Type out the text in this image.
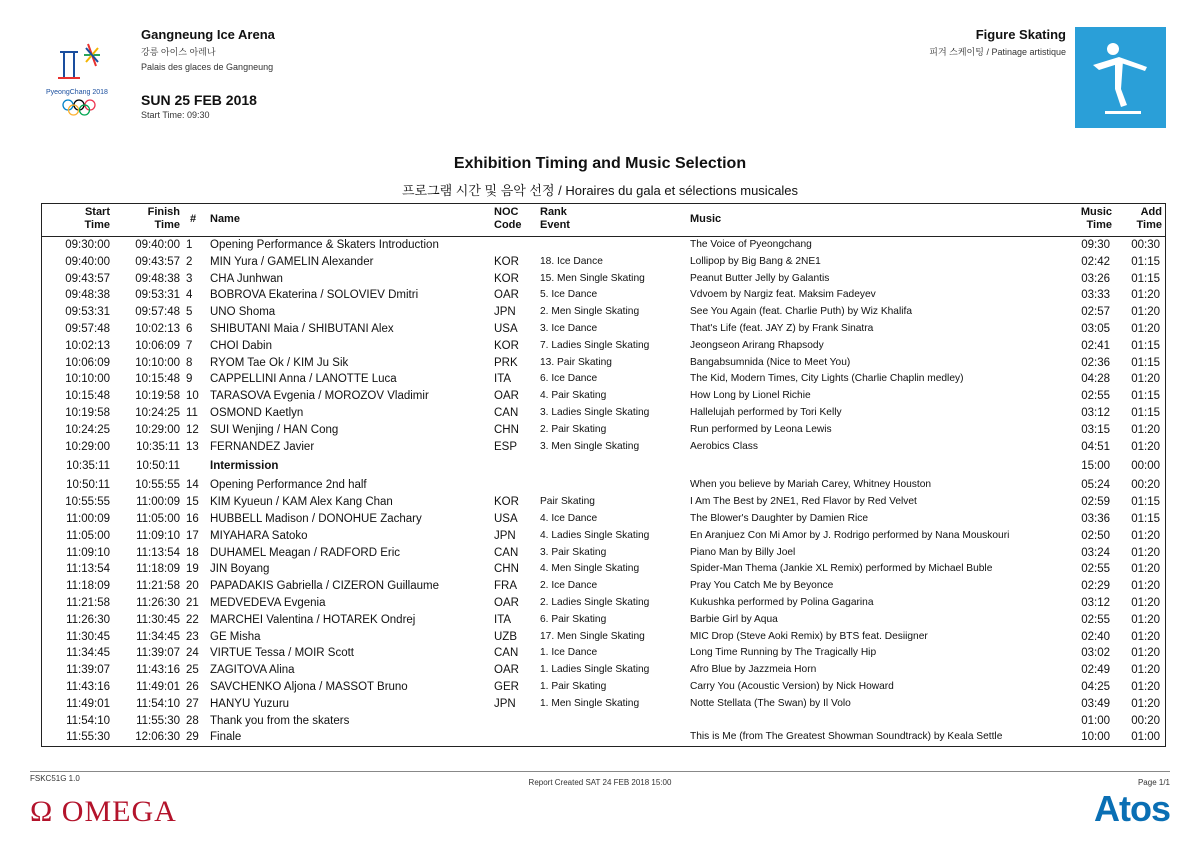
PyeongChang 2018
Gangneung Ice Arena
강릉 아이스 아레나
Palais des glaces de Gangneung
SUN 25 FEB 2018
Start Time: 09:30
Figure Skating
피겨 스케이팅 / Patinage artistique
Exhibition Timing and Music Selection
프로그램 시간 및 음악 선정 / Horaires du gala et sélections musicales
Start
Time
Finish
Time # Name
NOC
Code
Rank
Event	Music
Music
Time
Add
Time
09:30:00	09:40:00 1	Opening Performance & Skaters Introduction	The Voice of Pyeongchang	09:30	00:30
09:40:00	09:43:57 2	MIN Yura / GAMELIN Alexander	KOR 18. Ice Dance	Lollipop by Big Bang & 2NE1	02:42	01:15
09:43:57	09:48:38 3	CHA Junhwan	KOR 15. Men Single Skating	Peanut Butter Jelly by Galantis	03:26	01:15
09:48:38	09:53:31 4	BOBROVA Ekaterina / SOLOVIEV Dmitri	OAR 5. Ice Dance	Vdvoem by Nargiz feat. Maksim Fadeyev	03:33	01:20
09:53:31	09:57:48 5	UNO Shoma	JPN 2. Men Single Skating	See You Again (feat. Charlie Puth) by Wiz Khalifa	02:57	01:20
09:57:48	10:02:13 6	SHIBUTANI Maia / SHIBUTANI Alex	USA 3. Ice Dance	That's Life (feat. JAY Z) by Frank Sinatra	03:05	01:20
10:02:13	10:06:09 7	CHOI Dabin	KOR 7. Ladies Single Skating	Jeongseon Arirang Rhapsody	02:41	01:15
10:06:09	10:10:00 8	RYOM Tae Ok / KIM Ju Sik	PRK 13. Pair Skating	Bangabsumnida (Nice to Meet You)	02:36	01:15
10:10:00	10:15:48 9	CAPPELLINI Anna / LANOTTE Luca	ITA	6. Ice Dance	The Kid, Modern Times, City Lights (Charlie Chaplin medley)	04:28	01:20
10:15:48	10:19:58 10 TARASOVA Evgenia / MOROZOV Vladimir	OAR 4. Pair Skating	How Long by Lionel Richie	02:55	01:15
10:19:58	10:24:25 11	OSMOND Kaetlyn	CAN 3. Ladies Single Skating	Hallelujah performed by Tori Kelly	03:12	01:15
10:24:25	10:29:00 12 SUI Wenjing / HAN Cong	CHN 2. Pair Skating	Run performed by Leona Lewis	03:15	01:20
10:29:00	10:35:11 13 FERNANDEZ Javier	ESP 3. Men Single Skating	Aerobics Class	04:51	01:20
10:35:11	10:50:11	Intermission	15:00	00:00
10:50:11	10:55:55 14 Opening Performance 2nd half	When you believe by Mariah Carey, Whitney Houston	05:24	00:20
10:55:55	11:00:09 15 KIM Kyueun / KAM Alex Kang Chan	KOR Pair Skating	I Am The Best by 2NE1, Red Flavor by Red Velvet	02:59	01:15
11:00:09	11:05:00 16 HUBBELL Madison / DONOHUE Zachary	USA 4. Ice Dance	The Blower's Daughter by Damien Rice	03:36	01:15
11:05:00	11:09:10 17 MIYAHARA Satoko	JPN 4. Ladies Single Skating	En Aranjuez Con Mi Amor by J. Rodrigo performed by Nana Mouskouri	02:50	01:20
11:09:10	11:13:54 18 DUHAMEL Meagan / RADFORD Eric	CAN 3. Pair Skating	Piano Man by Billy Joel	03:24	01:20
11:13:54	11:18:09 19 JIN Boyang	CHN 4. Men Single Skating	Spider-Man Thema (Jankie XL Remix) performed by Michael Buble	02:55	01:20
11:18:09	11:21:58 20 PAPADAKIS Gabriella / CIZERON Guillaume	FRA 2. Ice Dance	Pray You Catch Me by Beyonce	02:29	01:20
11:21:58	11:26:30 21 MEDVEDEVA Evgenia	OAR 2. Ladies Single Skating	Kukushka performed by Polina Gagarina	03:12	01:20
11:26:30	11:30:45 22 MARCHEI Valentina / HOTAREK Ondrej	ITA	6. Pair Skating	Barbie Girl by Aqua	02:55	01:20
11:30:45	11:34:45 23 GE Misha	UZB 17. Men Single Skating	MIC Drop (Steve Aoki Remix) by BTS feat. Desiigner	02:40	01:20
11:34:45	11:39:07 24 VIRTUE Tessa / MOIR Scott	CAN 1. Ice Dance	Long Time Running by The Tragically Hip	03:02	01:20
11:39:07	11:43:16 25 ZAGITOVA Alina	OAR 1. Ladies Single Skating	Afro Blue by Jazzmeia Horn	02:49	01:20
11:43:16	11:49:01 26 SAVCHENKO Aljona / MASSOT Bruno	GER 1. Pair Skating	Carry You (Acoustic Version) by Nick Howard	04:25	01:20
11:49:01	11:54:10 27 HANYU Yuzuru	JPN 1. Men Single Skating	Notte Stellata (The Swan) by Il Volo	03:49	01:20
11:54:10	11:55:30 28 Thank you from the skaters	01:00	00:20
11:55:30	12:06:30 29 Finale	This is Me (from The Greatest Showman Soundtrack) by Keala Settle	10:00	01:00
FSKC51G 1.0	Report Created SAT 24 FEB 2018 15:00	Page 1/1
Ω OMEGA	Atos
